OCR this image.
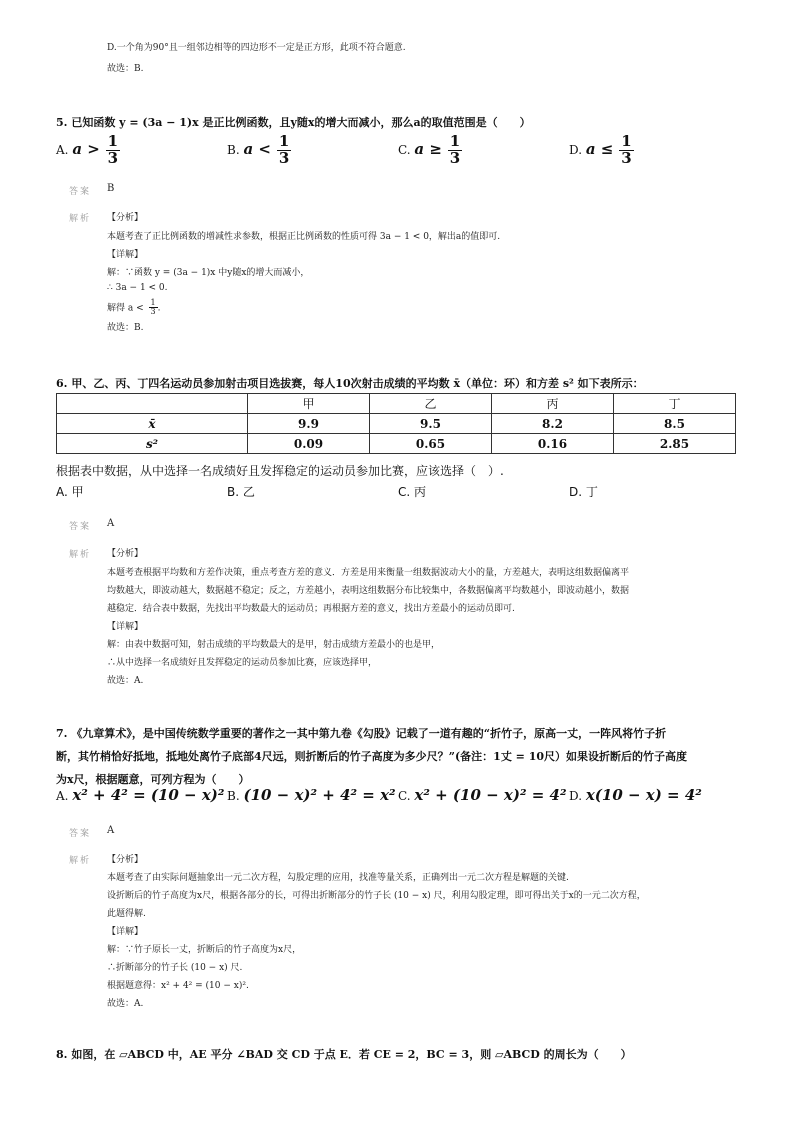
D.一个角为90°且一组邻边相等的四边形不一定是正方形，此项不符合题意.
故选：B.
5. 已知函数 y = (3a − 1)x 是正比例函数，且y随x的增大而减小，那么a的取值范围是（　　）
A. $a > \frac{1}{3}$	B. $a < \frac{1}{3}$	C. $a \ge \frac{1}{3}$	D. $a \le \frac{1}{3}$
答案 B
解析 【分析】
本题考查了正比例函数的增减性求参数，根据正比例函数的性质可得 3a − 1 < 0，解出a的值即可.
【详解】
解：∵函数 y = (3a − 1)x 中y随x的增大而减小，
∴ 3a − 1 < 0.
解得 $a < \frac{1}{3}$ .
故选：B.
6. 甲、乙、丙、丁四名运动员参加射击项目选拔赛，每人10次射击成绩的平均数 x̄（单位：环）和方差 s² 如下表所示：
	甲	乙	丙	丁
x̄	9.9	9.5	8.2	8.5
s²	0.09	0.65	0.16	2.85
根据表中数据，从中选择一名成绩好且发挥稳定的运动员参加比赛，应该选择（　）.
A. 甲	B. 乙	C. 丙	D. 丁
答案 A
解析 【分析】
本题考查根据平均数和方差作决策，重点考查方差的意义．方差是用来衡量一组数据波动大小的量，方差越大，表明这组数据偏离平
均数越大，即波动越大，数据越不稳定；反之，方差越小，表明这组数据分布比较集中，各数据偏离平均数越小，即波动越小，数据
越稳定．结合表中数据，先找出平均数最大的运动员；再根据方差的意义，找出方差最小的运动员即可.
【详解】
解：由表中数据可知，射击成绩的平均数最大的是甲，射击成绩方差最小的也是甲，
∴从中选择一名成绩好且发挥稳定的运动员参加比赛，应该选择甲，
故选：A.
7. 《九章算术》，是中国传统数学重要的著作之一其中第九卷《勾股》记载了一道有趣的“折竹子，原高一丈，一阵风将竹子折
断，其竹梢恰好抵地，抵地处离竹子底部4尺远，则折断后的竹子高度为多少尺？”(备注：1丈 = 10尺）如果设折断后的竹子高度
为x尺，根据题意，可列方程为（　　）
A. x² + 4² = (10 − x)² B. (10 − x)² + 4² = x² C. x² + (10 − x)² = 4² D. x(10 − x) = 4²
答案 A
解析 【分析】
本题考查了由实际问题抽象出一元二次方程，勾股定理的应用，找准等量关系，正确列出一元二次方程是解题的关键.
设折断后的竹子高度为x尺，根据各部分的长，可得出折断部分的竹子长 (10 − x) 尺，利用勾股定理，即可得出关于x的一元二次方程，
此题得解.
【详解】
解：∵竹子原长一丈，折断后的竹子高度为x尺，
∴折断部分的竹子长 (10 − x) 尺.
根据题意得：x² + 4² = (10 − x)².
故选：A.
8. 如图，在 ▱ABCD 中，AE 平分 ∠BAD 交 CD 于点 E．若 CE = 2，BC = 3，则 ▱ABCD 的周长为（　　）
